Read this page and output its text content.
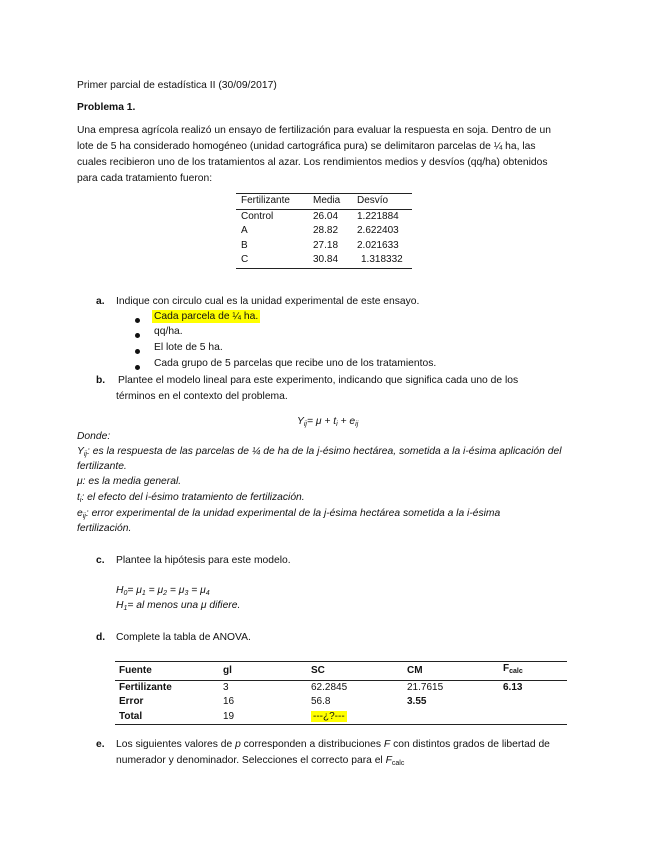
Primer parcial de estadística II (30/09/2017)
Problema 1.
Una empresa agrícola realizó un ensayo de fertilización para evaluar la respuesta en soja. Dentro de un
lote de 5 ha considerado homogéneo (unidad cartográfica pura) se delimitaron parcelas de ¼ ha, las
cuales recibieron uno de los tratamientos al azar. Los rendimientos medios y desvíos (qq/ha) obtenidos
para cada tratamiento fueron:
Fertilizante	Media	Desvío
Control	26.04	1.221884
A	28.82	2.622403
B	27.18	2.021633
C	30.84	1.318332
a. Indique con circulo cual es la unidad experimental de este ensayo.
Cada parcela de ¼ ha.
qq/ha.
El lote de 5 ha.
Cada grupo de 5 parcelas que recibe uno de los tratamientos.
b. Plantee el modelo lineal para este experimento, indicando que significa cada uno de los
términos en el contexto del problema.
$Y_{ij}= \mu + t_i + e_{ij}$
Donde:
$Y_{ij}$: es la respuesta de las parcelas de ¼ de ha de la j-ésimo hectárea, sometida a la i-ésima aplicación del
fertilizante.
μ: es la media general.
$t_i$: el efecto del i-ésimo tratamiento de fertilización.
$e_{ij}$: error experimental de la unidad experimental de la j-ésima hectárea sometida a la i-ésima
fertilización.
c. Plantee la hipótesis para este modelo.
$H_0= \mu_1 = \mu_2 = \mu_3 = \mu_4$
$H_1=$ al menos una μ difiere.
d. Complete la tabla de ANOVA.
Fuente	gl	SC	CM	$F_{calc}$
Fertilizante	3	62.2845	21.7615	6.13
Error	16	56.8	3.55	
Total	19	---¿?---		
e. Los siguientes valores de p corresponden a distribuciones F con distintos grados de libertad de
numerador y denominador. Selecciones el correcto para el $F_{calc}$
